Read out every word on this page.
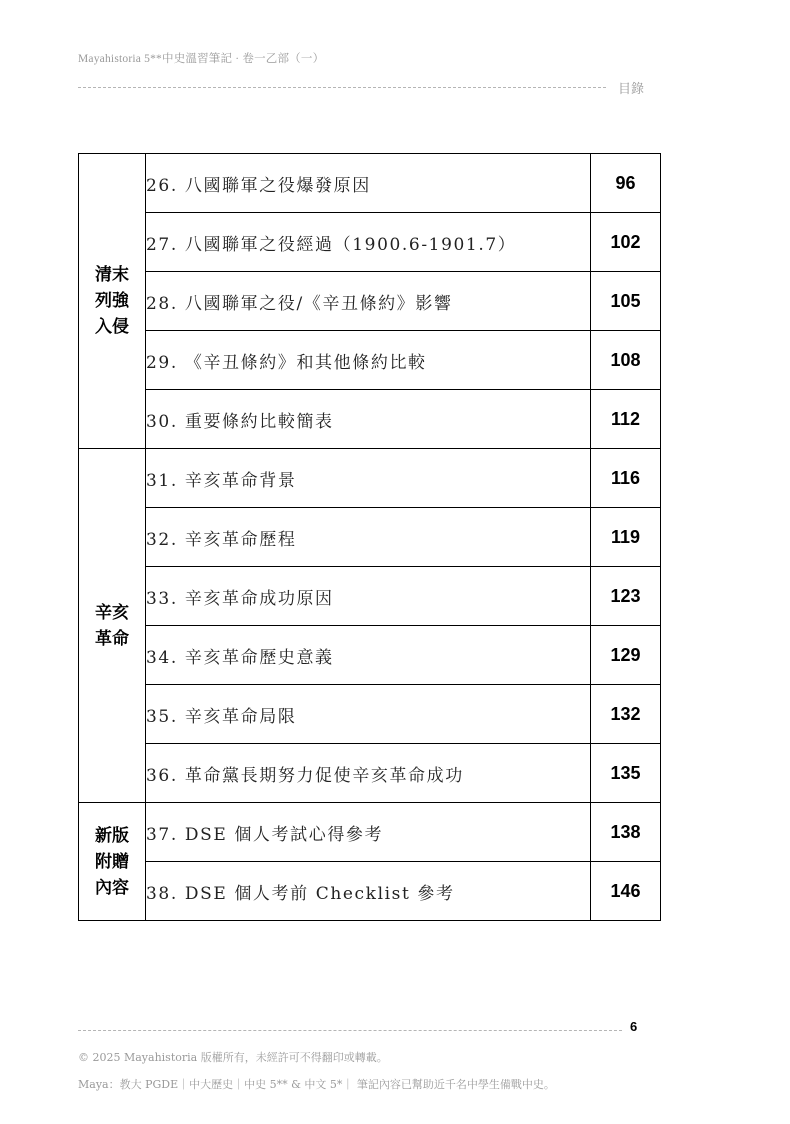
Mayahistoria 5**中史溫習筆記 · 卷一乙部（一）
目錄
清末
列強
入侵	26. 八國聯軍之役爆發原因	96
	27. 八國聯軍之役經過（1900.6-1901.7）	102
	28. 八國聯軍之役/《辛丑條約》影響	105
	29. 《辛丑條約》和其他條約比較	108
	30. 重要條約比較簡表	112

辛亥
革命	31. 辛亥革命背景	116
	32. 辛亥革命歷程	119
	33. 辛亥革命成功原因	123
	34. 辛亥革命歷史意義	129
	35. 辛亥革命局限	132
	36. 革命黨長期努力促使辛亥革命成功	135

新版
附贈
內容	37. DSE 個人考試心得參考	138
	38. DSE 個人考前 Checklist 參考	146
6
© 2025 Mayahistoria 版權所有，未經許可不得翻印或轉載。
Maya：教大 PGDE｜中大歷史｜中史 5** & 中文 5*｜ 筆記內容已幫助近千名中學生備戰中史。
